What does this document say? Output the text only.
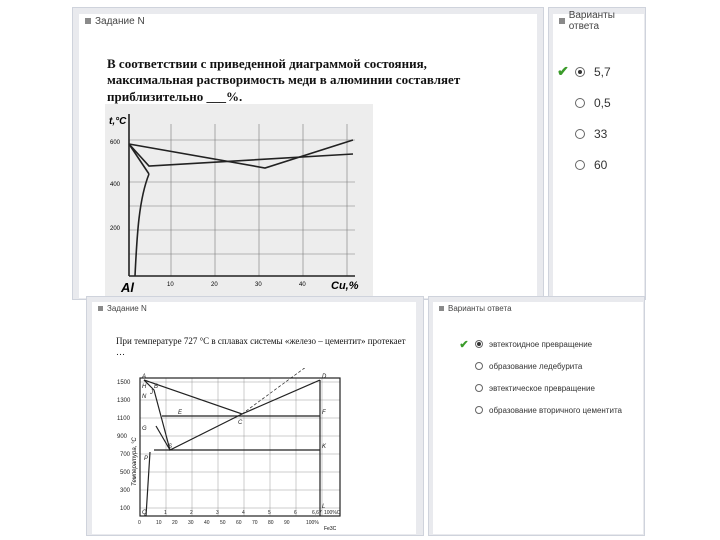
Задание N
В соответствии с приведенной диаграммой состояния, максимальная растворимость меди в алюминии составляет приблизительно ___%.
t,°C
600
400
200
10	20	30	40
Al	Cu,%
Варианты ответа
✔ 5,7
0,5
33
60
Задание N
При температуре 727 °C в сплавах системы «железо – цементит» протекает …
1500
1300
1100
900
700
500
300
100
Температура, °C
1	2	3	4	5	6	6,67 100%C
0	10 20 30 40 50 60 70 80 90	100%
Fe3C
A
B
H
N
J
G
E
C
F
D
S
P
K
Q
L
Варианты ответа
✔	эвтектоидное превращение
образование ледебурита
эвтектическое превращение
образование вторичного цементита
